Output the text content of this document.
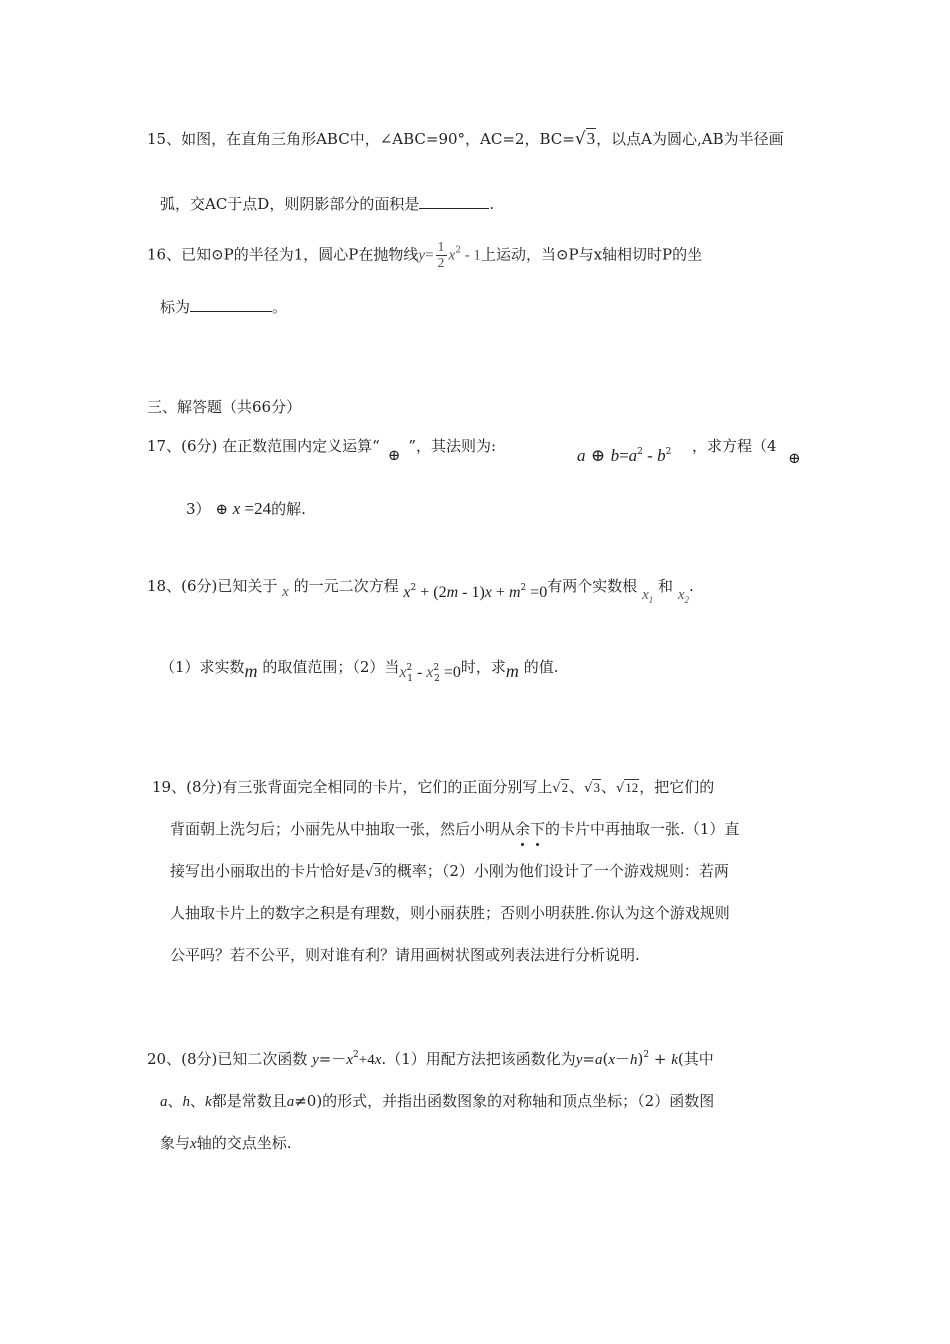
15、如图，在直角三角形ABC中，∠ABC=90°，AC=2，BC=√3，以点A为圆心,AB为半径画
弧，交AC于点D，则阴影部分的面积是	.
16、已知⊙P的半径为1，圆心P在抛物线$y= \frac{1}{2} x^2 - 1$上运动，当⊙P与x轴相切时P的坐
标为	。
三、解答题（共66分）
17、(6分) 在正数范围内定义运算“ ⊕ ”，其法则为:	a ⊕ $b=a^2 - b^2$ ，求方程（4
⊕
3） ⊕ x =24的解.
18、(6分)已知关于 x 的一元二次方程 $x^2 + (2m - 1)x + m^2 =0$有两个实数根 $x_1$ 和 $x_2$.
（1）求实数m 的取值范围；（2）当$x^2_1 - x^2_2 =0$时，求m 的值.
19、(8分)有三张背面完全相同的卡片，它们的正面分别写上√2、√3、√12，把它们的
背面朝上洗匀后；小丽先从中抽取一张，然后小明从余下的卡片中再抽取一张.（1）直
接写出小丽取出的卡片恰好是√3的概率；（2）小刚为他们设计了一个游戏规则：若两
人抽取卡片上的数字之积是有理数，则小丽获胜；否则小明获胜.你认为这个游戏规则
公平吗？若不公平，则对谁有利？请用画树状图或列表法进行分析说明.
20、(8分)已知二次函数 $y=-x^2+4x.(1)$用配方法把该函数化为$y=a(x-h)^2 + k$(其中
a、h、k都是常数且a≠0)的形式，并指出函数图象的对称轴和顶点坐标；（2）函数图
象与x轴的交点坐标.
